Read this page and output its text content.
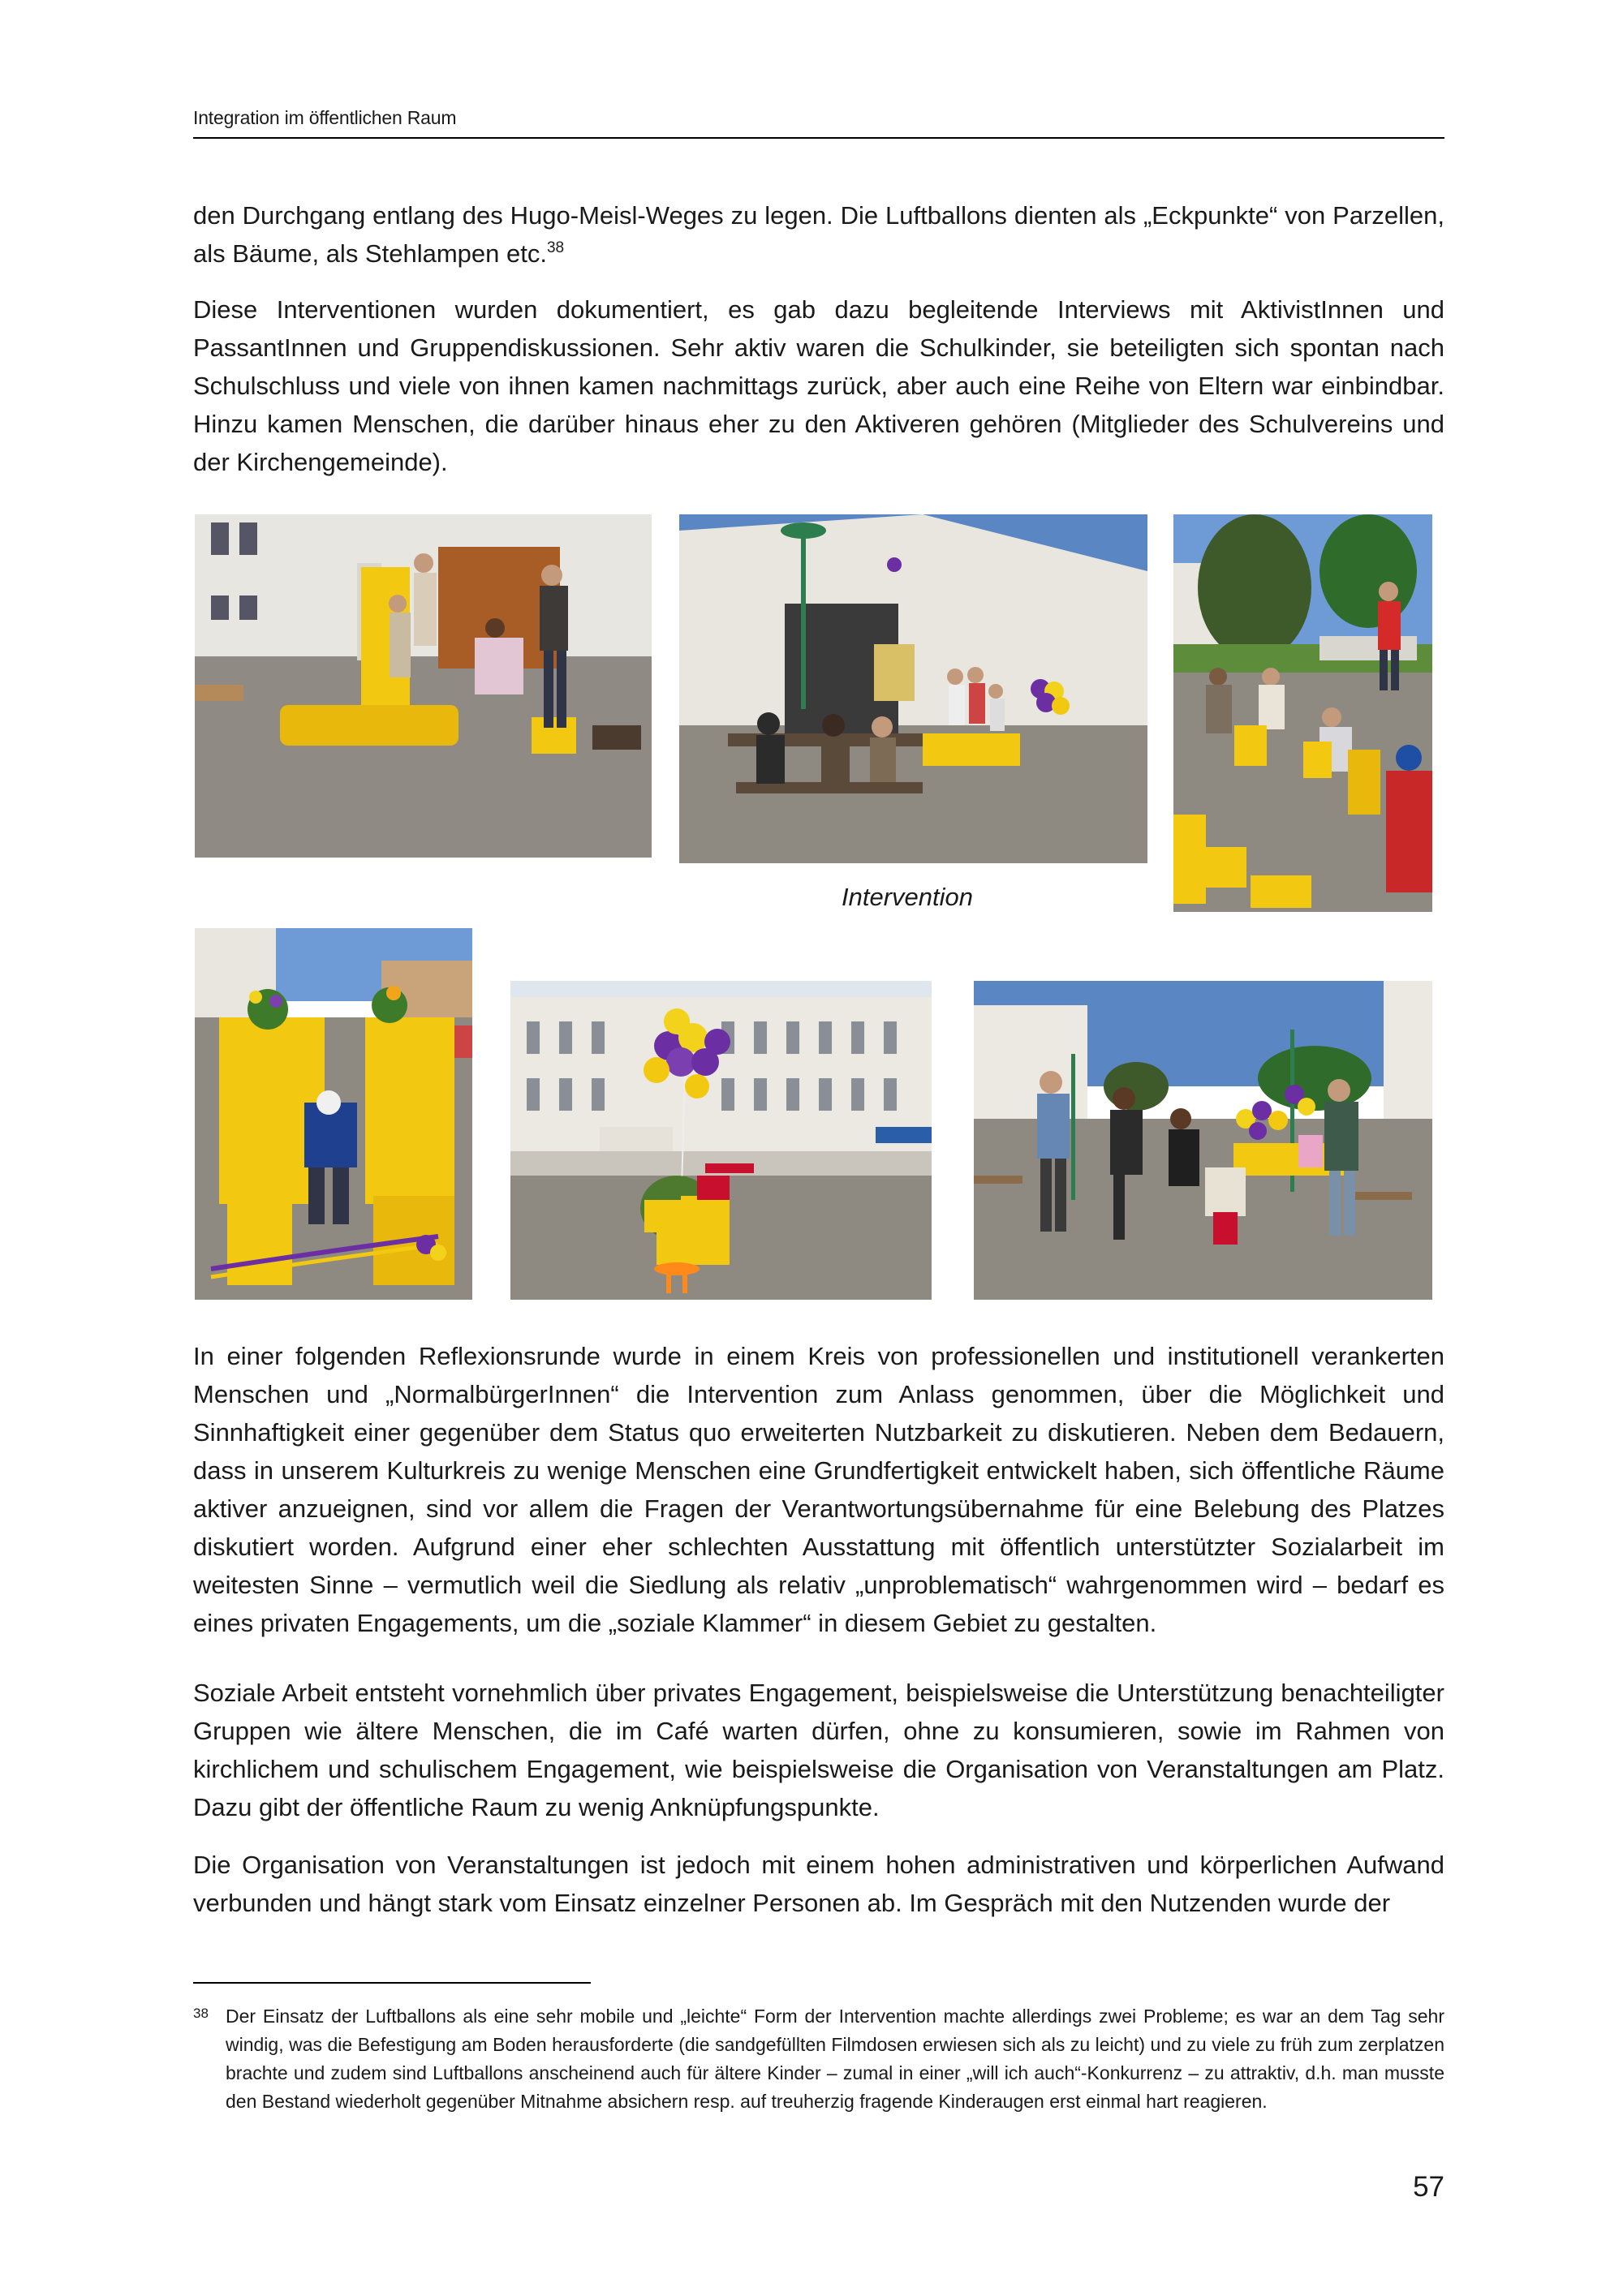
Integration im öffentlichen Raum

den Durchgang entlang des Hugo-Meisl-Weges zu legen. Die Luftballons dienten als „Eckpunkte“ von Parzellen, als Bäume, als Stehlampen etc.$^{38}$

Diese Interventionen wurden dokumentiert, es gab dazu begleitende Interviews mit AktivistInnen und PassantInnen und Gruppendiskussionen. Sehr aktiv waren die Schulkinder, sie beteiligten sich spontan nach Schulschluss und viele von ihnen kamen nachmittags zurück, aber auch eine Reihe von Eltern war einbindbar. Hinzu kamen Menschen, die darüber hinaus eher zu den Aktiveren gehören (Mitglieder des Schulvereins und der Kirchengemeinde).

Intervention

In einer folgenden Reflexionsrunde wurde in einem Kreis von professionellen und institutionell verankerten Menschen und „NormalbürgerInnen“ die Intervention zum Anlass genommen, über die Möglichkeit und Sinnhaftigkeit einer gegenüber dem Status quo erweiterten Nutzbarkeit zu diskutieren. Neben dem Bedauern, dass in unserem Kulturkreis zu wenige Menschen eine Grundfertigkeit entwickelt haben, sich öffentliche Räume aktiver anzueignen, sind vor allem die Fragen der Verantwortungsübernahme für eine Belebung des Platzes diskutiert worden. Aufgrund einer eher schlechten Ausstattung mit öffentlich unterstützter Sozialarbeit im weitesten Sinne – vermutlich weil die Siedlung als relativ „unproblematisch“ wahrgenommen wird – bedarf es eines privaten Engagements, um die „soziale Klammer“ in diesem Gebiet zu gestalten.

Soziale Arbeit entsteht vornehmlich über privates Engagement, beispielsweise die Unterstützung benachteiligter Gruppen wie ältere Menschen, die im Café warten dürfen, ohne zu konsumieren, sowie im Rahmen von kirchlichem und schulischem Engagement, wie beispielsweise die Organisation von Veranstaltungen am Platz. Dazu gibt der öffentliche Raum zu wenig Anknüpfungspunkte.

Die Organisation von Veranstaltungen ist jedoch mit einem hohen administrativen und körperlichen Aufwand verbunden und hängt stark vom Einsatz einzelner Personen ab. Im Gespräch mit den Nutzenden wurde der

38 Der Einsatz der Luftballons als eine sehr mobile und „leichte“ Form der Intervention machte allerdings zwei Probleme; es war an dem Tag sehr windig, was die Befestigung am Boden herausforderte (die sandgefüllten Filmdosen erwiesen sich als zu leicht) und zu viele zu früh zum zerplatzen brachte und zudem sind Luftballons anscheinend auch für ältere Kinder – zumal in einer „will ich auch“-Konkurrenz – zu attraktiv, d.h. man musste den Bestand wiederholt gegenüber Mitnahme absichern resp. auf treuherzig fragende Kinderaugen erst einmal hart reagieren.
57
